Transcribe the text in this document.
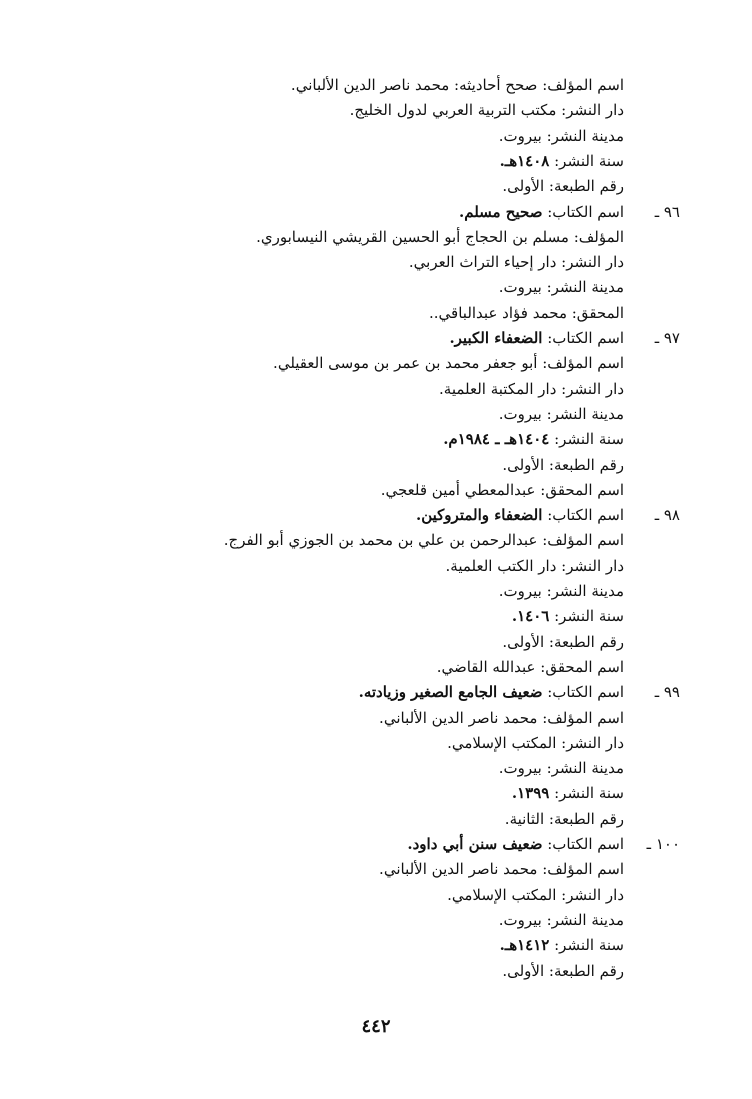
اسم المؤلف: صحح أحاديثه: محمد ناصر الدين الألباني.
دار النشر: مكتب التربية العربي لدول الخليج.
مدينة النشر: بيروت.
سنة النشر: ١٤٠٨هـ.
رقم الطبعة: الأولى.
٩٦ ـ
اسم الكتاب: صحيح مسلم.
المؤلف: مسلم بن الحجاج أبو الحسين القريشي النيسابوري.
دار النشر: دار إحياء التراث العربي.
مدينة النشر: بيروت.
المحقق: محمد فؤاد عبدالباقي..
٩٧ ـ
اسم الكتاب: الضعفاء الكبير.
اسم المؤلف: أبو جعفر محمد بن عمر بن موسى العقيلي.
دار النشر: دار المكتبة العلمية.
مدينة النشر: بيروت.
سنة النشر: ١٤٠٤هـ ـ ١٩٨٤م.
رقم الطبعة: الأولى.
اسم المحقق: عبدالمعطي أمين قلعجي.
٩٨ ـ
اسم الكتاب: الضعفاء والمتروكين.
اسم المؤلف: عبدالرحمن بن علي بن محمد بن الجوزي أبو الفرج.
دار النشر: دار الكتب العلمية.
مدينة النشر: بيروت.
سنة النشر: ١٤٠٦.
رقم الطبعة: الأولى.
اسم المحقق: عبدالله القاضي.
٩٩ ـ
اسم الكتاب: ضعيف الجامع الصغير وزيادته.
اسم المؤلف: محمد ناصر الدين الألباني.
دار النشر: المكتب الإسلامي.
مدينة النشر: بيروت.
سنة النشر: ١٣٩٩.
رقم الطبعة: الثانية.
١٠٠ ـ
اسم الكتاب: ضعيف سنن أبي داود.
اسم المؤلف: محمد ناصر الدين الألباني.
دار النشر: المكتب الإسلامي.
مدينة النشر: بيروت.
سنة النشر: ١٤١٢هـ.
رقم الطبعة: الأولى.
٤٤٢
